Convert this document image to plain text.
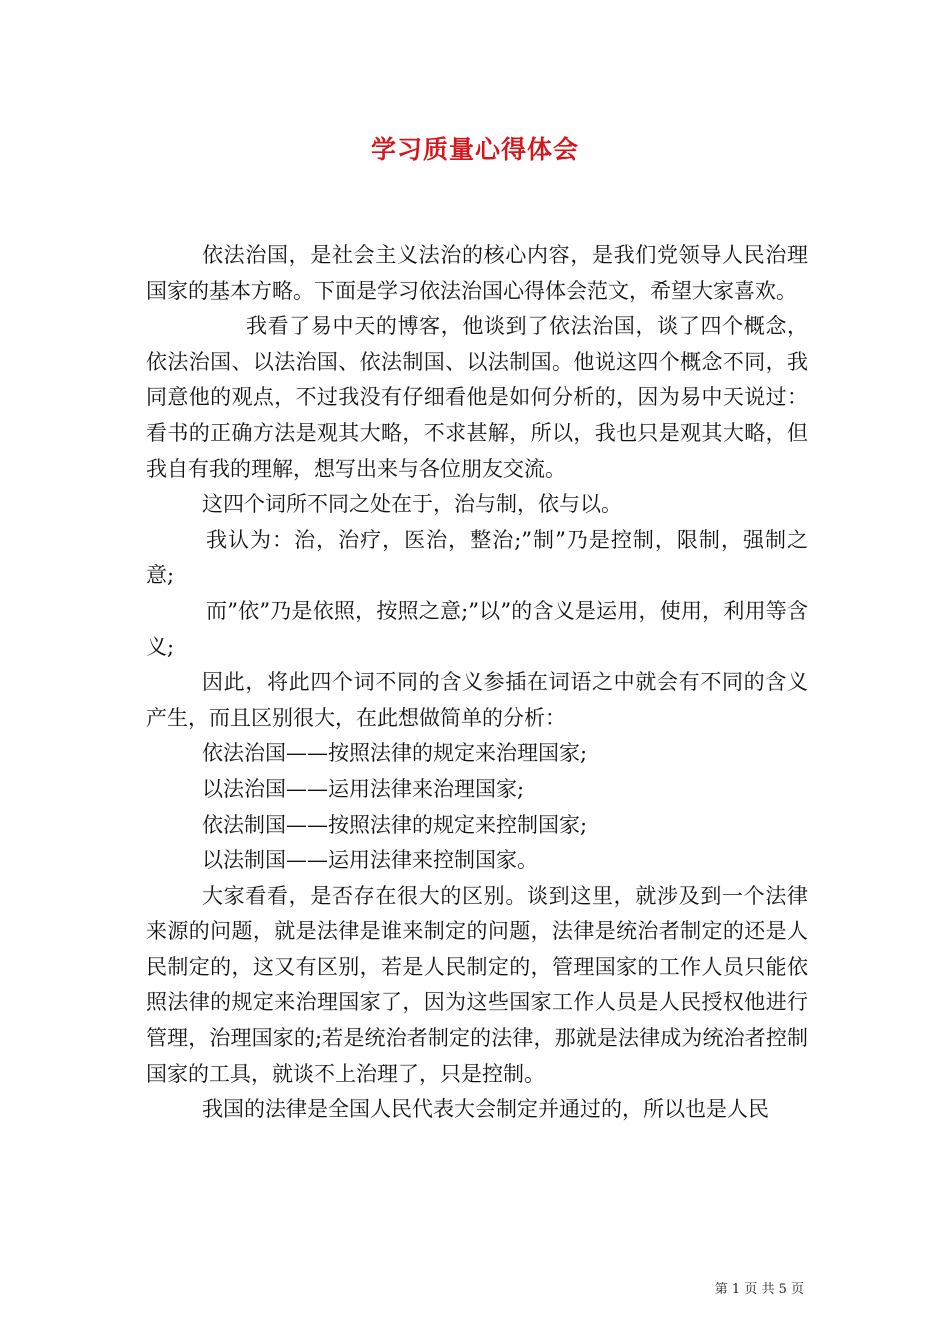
学习质量心得体会

依法治国，是社会主义法治的核心内容，是我们党领导人民治理国家的基本方略。下面是学习依法治国心得体会范文，希望大家喜欢。

我看了易中天的博客，他谈到了依法治国，谈了四个概念，依法治国、以法治国、依法制国、以法制国。他说这四个概念不同，我同意他的观点，不过我没有仔细看他是如何分析的，因为易中天说过：看书的正确方法是观其大略，不求甚解，所以，我也只是观其大略，但我自有我的理解，想写出来与各位朋友交流。

这四个词所不同之处在于，治与制，依与以。

我认为：治，治疗，医治，整治;”制”乃是控制，限制，强制之意;

而”依”乃是依照，按照之意;”以”的含义是运用，使用，利用等含义;

因此，将此四个词不同的含义参插在词语之中就会有不同的含义产生，而且区别很大，在此想做简单的分析：

依法治国——按照法律的规定来治理国家;

以法治国——运用法律来治理国家;

依法制国——按照法律的规定来控制国家;

以法制国——运用法律来控制国家。

大家看看，是否存在很大的区别。谈到这里，就涉及到一个法律来源的问题，就是法律是谁来制定的问题，法律是统治者制定的还是人民制定的，这又有区别，若是人民制定的，管理国家的工作人员只能依照法律的规定来治理国家了，因为这些国家工作人员是人民授权他进行管理，治理国家的;若是统治者制定的法律，那就是法律成为统治者控制国家的工具，就谈不上治理了，只是控制。

我国的法律是全国人民代表大会制定并通过的，所以也是人民

第 1 页 共 5 页
